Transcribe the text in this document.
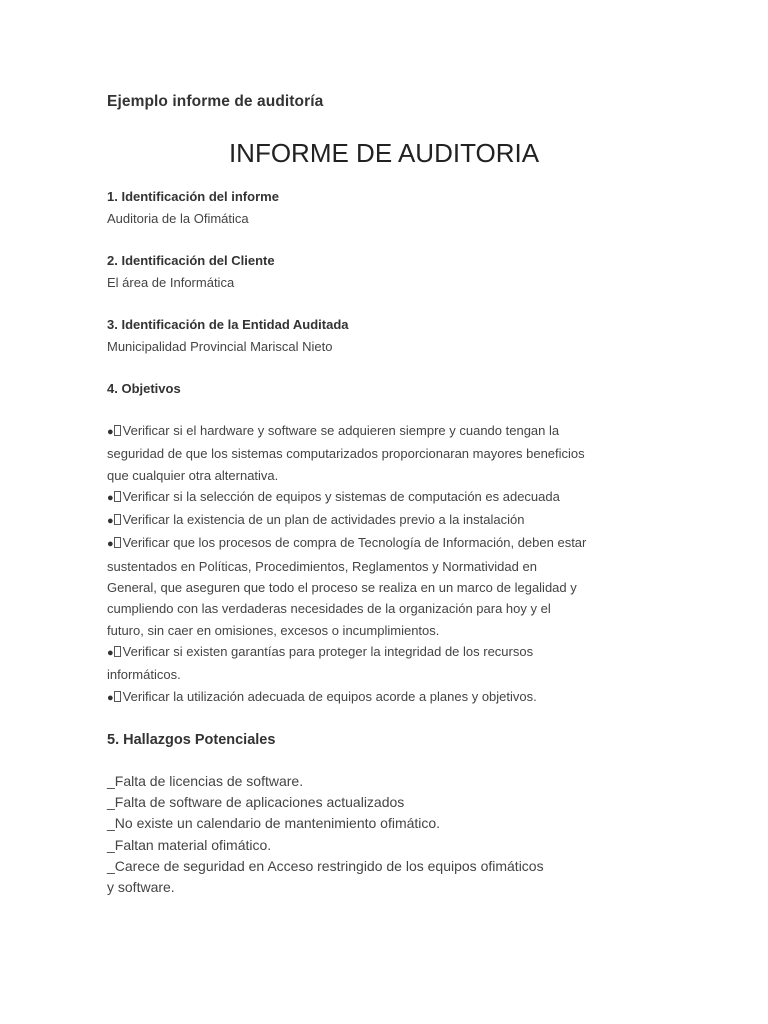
Ejemplo informe de auditoría

INFORME DE AUDITORIA

1. Identificación del informe

Auditoria de la Ofimática

2. Identificación del Cliente

El área de Informática

3. Identificación de la Entidad Auditada

Municipalidad Provincial Mariscal Nieto

4. Objetivos

● Verificar si el hardware y software se adquieren siempre y cuando tengan la
seguridad de que los sistemas computarizados proporcionaran mayores beneficios
que cualquier otra alternativa.
● Verificar si la selección de equipos y sistemas de computación es adecuada
● Verificar la existencia de un plan de actividades previo a la instalación
● Verificar que los procesos de compra de Tecnología de Información, deben estar
sustentados en Políticas, Procedimientos, Reglamentos y Normatividad en
General, que aseguren que todo el proceso se realiza en un marco de legalidad y
cumpliendo con las verdaderas necesidades de la organización para hoy y el
futuro, sin caer en omisiones, excesos o incumplimientos.
● Verificar si existen garantías para proteger la integridad de los recursos
informáticos.
● Verificar la utilización adecuada de equipos acorde a planes y objetivos.

5. Hallazgos Potenciales

_Falta de licencias de software.

_Falta de software de aplicaciones actualizados

_No existe un calendario de mantenimiento ofimático.

_Faltan material ofimático.

_Carece de seguridad en Acceso restringido de los equipos ofimáticos

y software.
